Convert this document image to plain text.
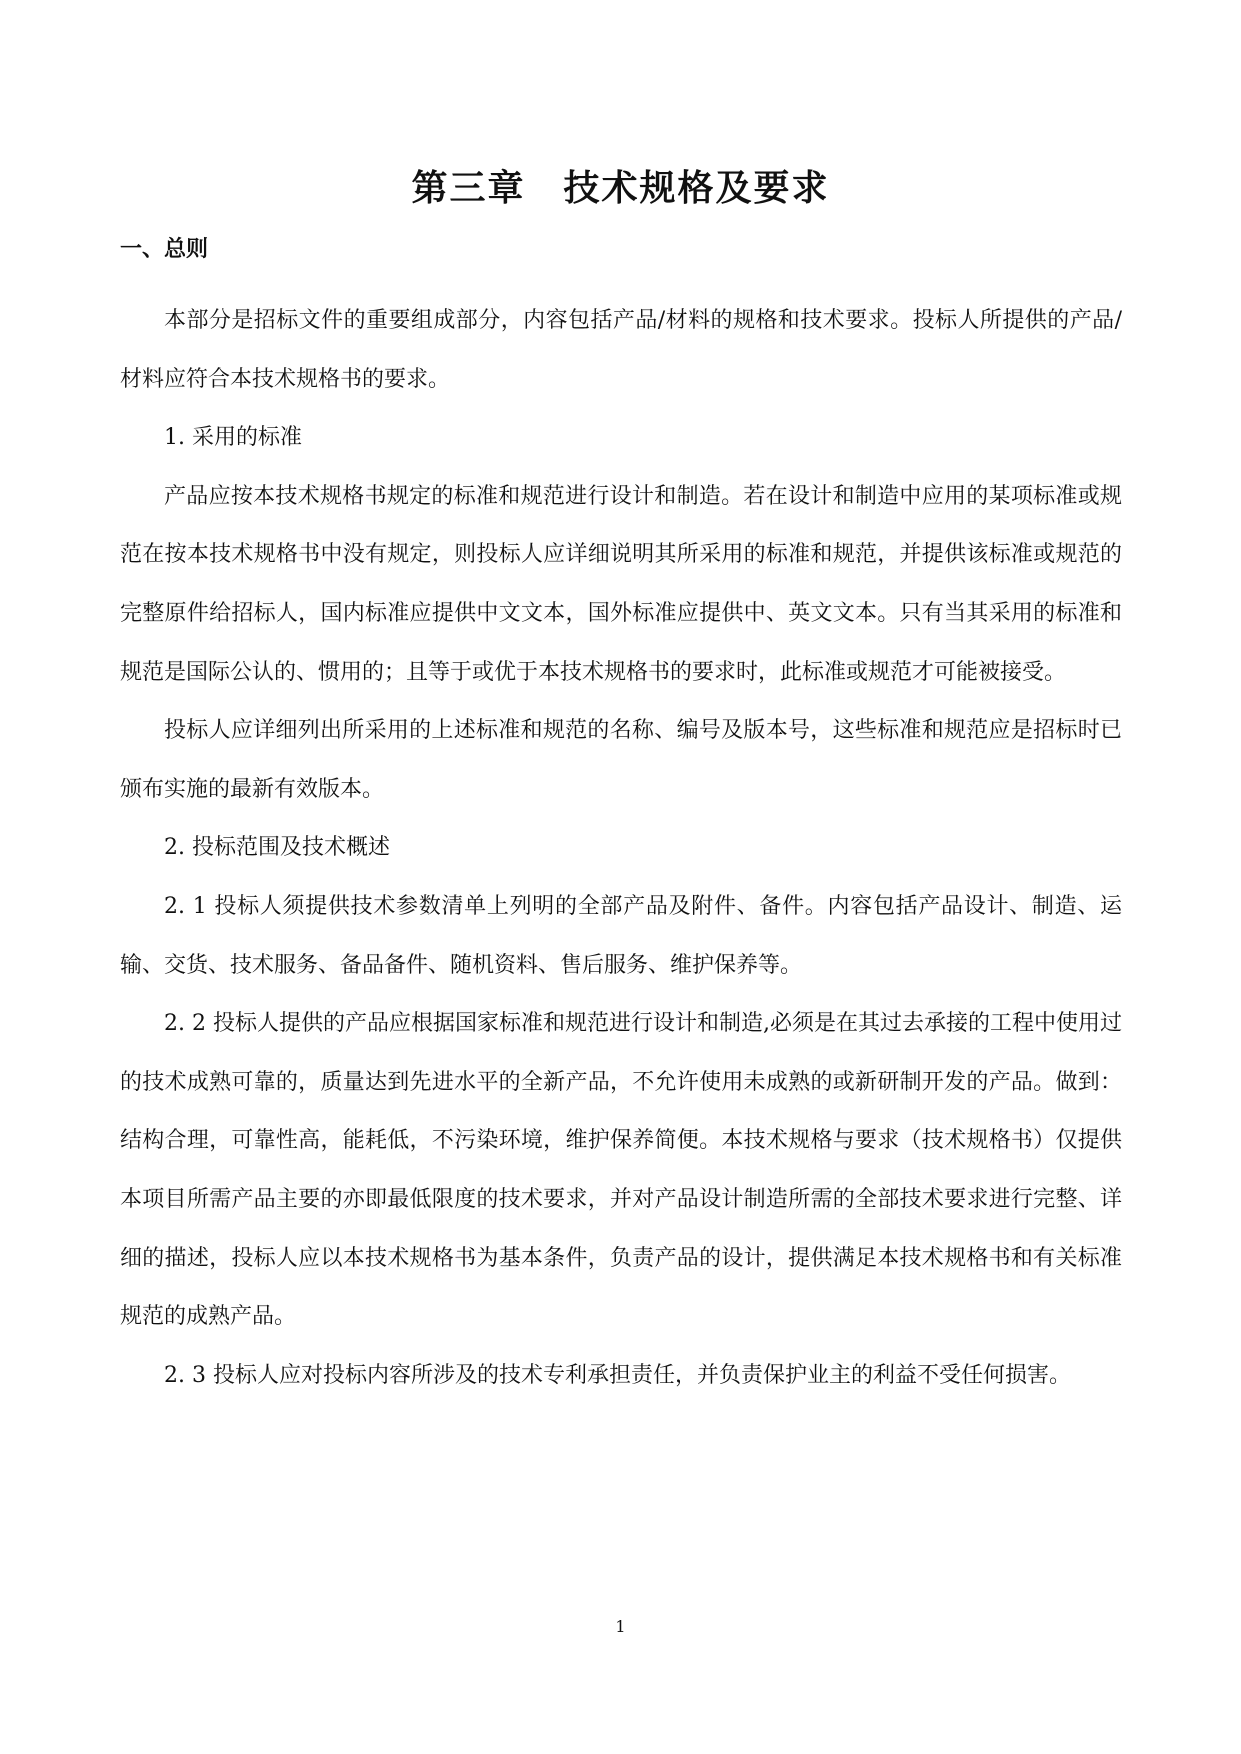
第三章　技术规格及要求
一、总则

本部分是招标文件的重要组成部分，内容包括产品/材料的规格和技术要求。投标人所提供的产品/材料应符合本技术规格书的要求。

1. 采用的标准

产品应按本技术规格书规定的标准和规范进行设计和制造。若在设计和制造中应用的某项标准或规范在按本技术规格书中没有规定，则投标人应详细说明其所采用的标准和规范，并提供该标准或规范的完整原件给招标人，国内标准应提供中文文本，国外标准应提供中、英文文本。只有当其采用的标准和规范是国际公认的、惯用的；且等于或优于本技术规格书的要求时，此标准或规范才可能被接受。

投标人应详细列出所采用的上述标准和规范的名称、编号及版本号，这些标准和规范应是招标时已颁布实施的最新有效版本。

2. 投标范围及技术概述

2. 1 投标人须提供技术参数清单上列明的全部产品及附件、备件。内容包括产品设计、制造、运输、交货、技术服务、备品备件、随机资料、售后服务、维护保养等。

2. 2 投标人提供的产品应根据国家标准和规范进行设计和制造,必须是在其过去承接的工程中使用过的技术成熟可靠的，质量达到先进水平的全新产品，不允许使用未成熟的或新研制开发的产品。做到：结构合理，可靠性高，能耗低，不污染环境，维护保养简便。本技术规格与要求（技术规格书）仅提供本项目所需产品主要的亦即最低限度的技术要求，并对产品设计制造所需的全部技术要求进行完整、详细的描述，投标人应以本技术规格书为基本条件，负责产品的设计，提供满足本技术规格书和有关标准规范的成熟产品。

2. 3 投标人应对投标内容所涉及的技术专利承担责任，并负责保护业主的利益不受任何损害。

1
